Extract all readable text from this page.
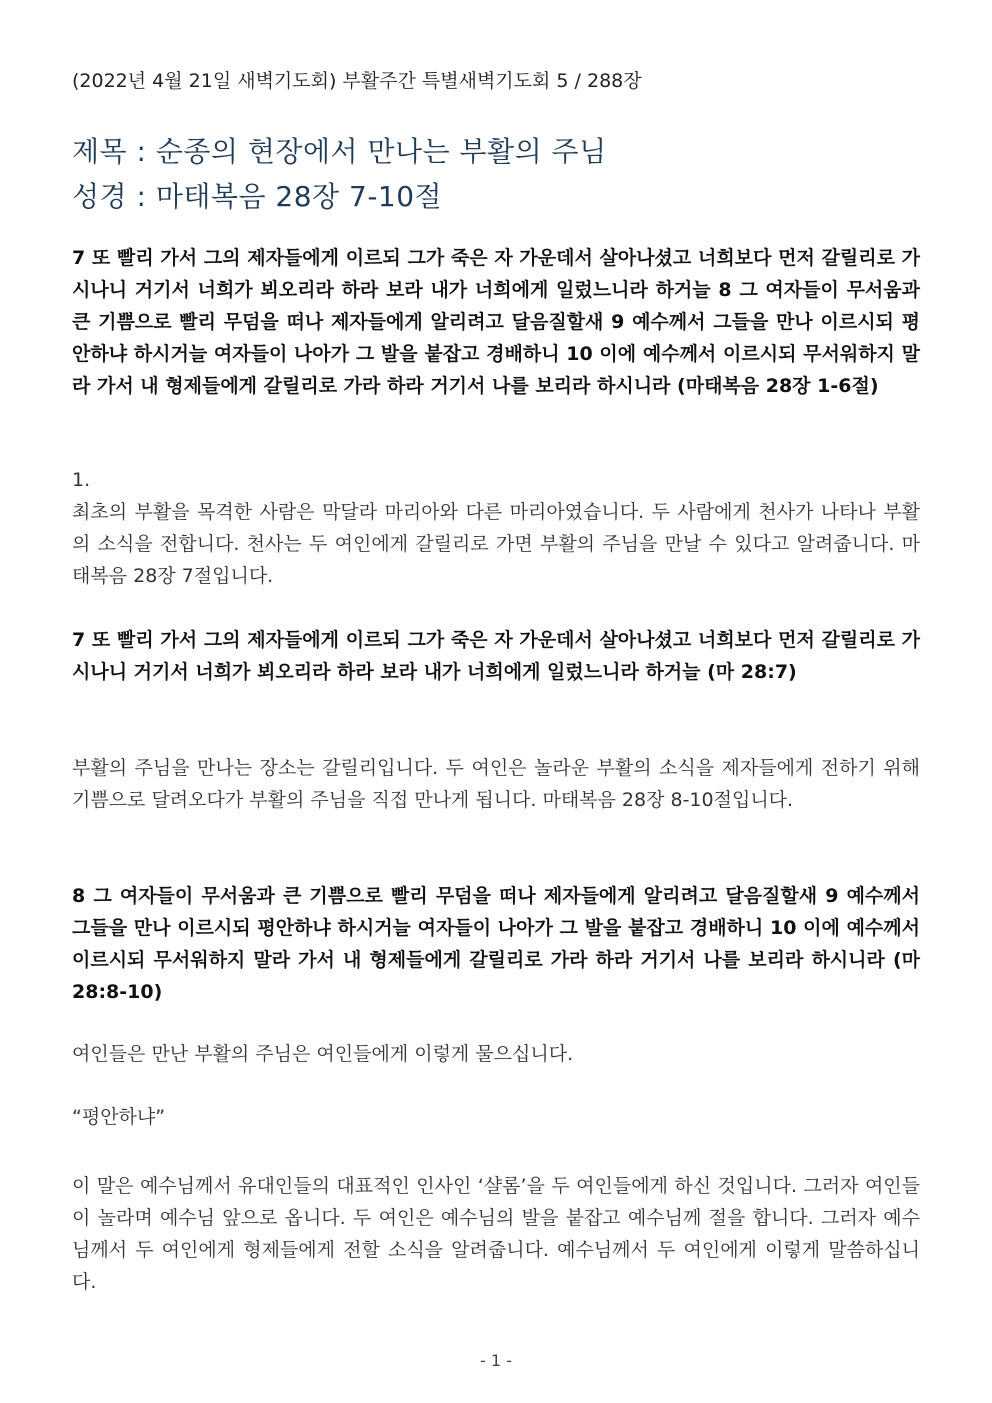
(2022년 4월 21일 새벽기도회) 부활주간 특별새벽기도회 5 / 288장
제목 : 순종의 현장에서 만나는 부활의 주님
성경 : 마태복음 28장 7-10절
7 또 빨리 가서 그의 제자들에게 이르되 그가 죽은 자 가운데서 살아나셨고 너희보다 먼저 갈릴리로 가시나니 거기서 너희가 뵈오리라 하라 보라 내가 너희에게 일렀느니라 하거늘 8 그 여자들이 무서움과 큰 기쁨으로 빨리 무덤을 떠나 제자들에게 알리려고 달음질할새 9 예수께서 그들을 만나 이르시되 평안하냐 하시거늘 여자들이 나아가 그 발을 붙잡고 경배하니 10 이에 예수께서 이르시되 무서워하지 말라 가서 내 형제들에게 갈릴리로 가라 하라 거기서 나를 보리라 하시니라 (마태복음 28장 1-6절)
1.
최초의 부활을 목격한 사람은 막달라 마리아와 다른 마리아였습니다. 두 사람에게 천사가 나타나 부활의 소식을 전합니다. 천사는 두 여인에게 갈릴리로 가면 부활의 주님을 만날 수 있다고 알려줍니다. 마태복음 28장 7절입니다.
7 또 빨리 가서 그의 제자들에게 이르되 그가 죽은 자 가운데서 살아나셨고 너희보다 먼저 갈릴리로 가시나니 거기서 너희가 뵈오리라 하라 보라 내가 너희에게 일렀느니라 하거늘 (마 28:7)
부활의 주님을 만나는 장소는 갈릴리입니다. 두 여인은 놀라운 부활의 소식을 제자들에게 전하기 위해 기쁨으로 달려오다가 부활의 주님을 직접 만나게 됩니다. 마태복음 28장 8-10절입니다.
8 그 여자들이 무서움과 큰 기쁨으로 빨리 무덤을 떠나 제자들에게 알리려고 달음질할새 9 예수께서 그들을 만나 이르시되 평안하냐 하시거늘 여자들이 나아가 그 발을 붙잡고 경배하니 10 이에 예수께서 이르시되 무서워하지 말라 가서 내 형제들에게 갈릴리로 가라 하라 거기서 나를 보리라 하시니라 (마 28:8-10)
여인들은 만난 부활의 주님은 여인들에게 이렇게 물으십니다.
“평안하냐”
이 말은 예수님께서 유대인들의 대표적인 인사인 ‘샬롬’을 두 여인들에게 하신 것입니다. 그러자 여인들이 놀라며 예수님 앞으로 옵니다. 두 여인은 예수님의 발을 붙잡고 예수님께 절을 합니다. 그러자 예수님께서 두 여인에게 형제들에게 전할 소식을 알려줍니다. 예수님께서 두 여인에게 이렇게 말씀하십니다.
- 1 -
